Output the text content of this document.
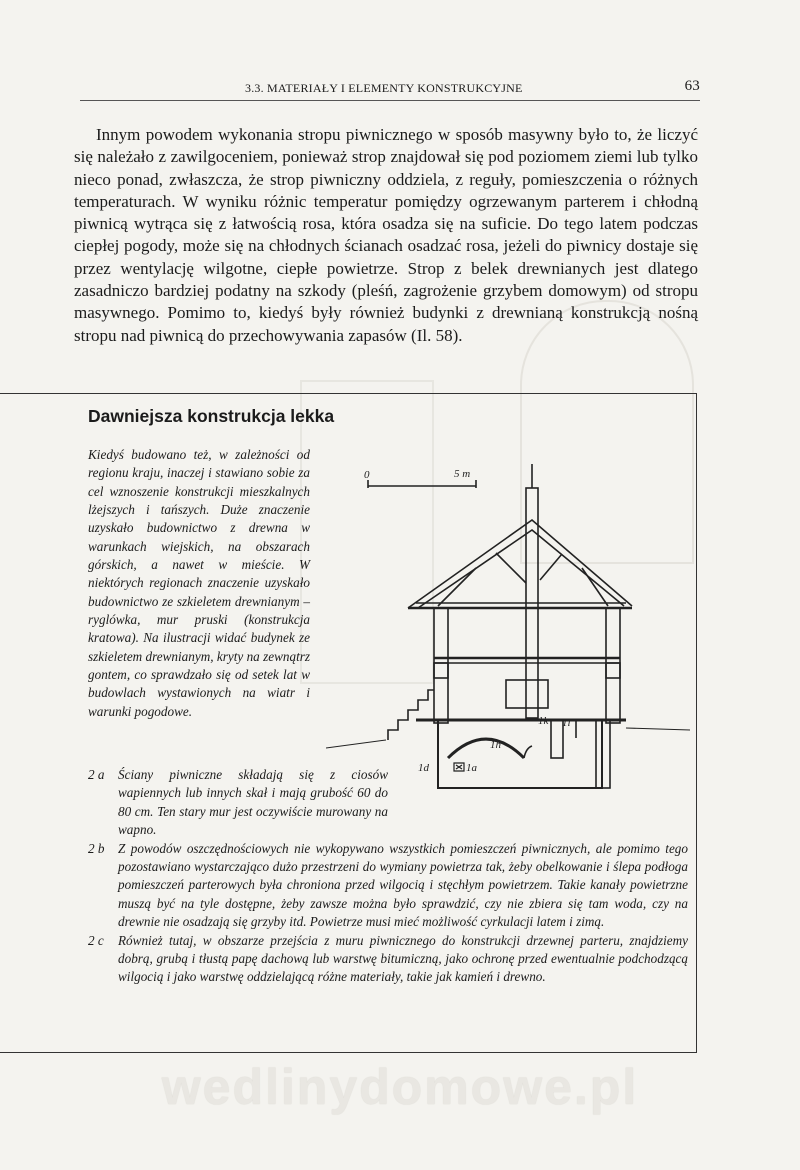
3.3. MATERIAŁY I ELEMENTY KONSTRUKCYJNE	63

Innym powodem wykonania stropu piwnicznego w sposób masywny było to, że liczyć się należało z zawilgoceniem, ponieważ strop znajdował się pod poziomem ziemi lub tylko nieco ponad, zwłaszcza, że strop piwniczny oddziela, z reguły, pomieszczenia o różnych temperaturach. W wyniku różnic temperatur pomiędzy ogrzewanym parterem i chłodną piwnicą wytrąca się z łatwością rosa, która osadza się na suficie. Do tego latem podczas ciepłej pogody, może się na chłodnych ścianach osadzać rosa, jeżeli do piwnicy dostaje się przez wentylację wilgotne, ciepłe powietrze. Strop z belek drewnianych jest dlatego zasadniczo bardziej podatny na szkody (pleśń, zagrożenie grzybem domowym) od stropu masywnego. Pomimo to, kiedyś były również budynki z drewnianą konstrukcją nośną stropu nad piwnicą do przechowywania zapasów (Il. 58).

Dawniejsza konstrukcja lekka

Kiedyś budowano też, w zależności od regionu kraju, inaczej i stawiano sobie za cel wznoszenie konstrukcji mieszkalnych lżejszych i tańszych. Duże znaczenie uzyskało budownictwo z drewna w warunkach wiejskich, na obszarach górskich, a nawet w mieście. W niektórych regionach znaczenie uzyskało budownictwo ze szkieletem drewnianym – ryglówka, mur pruski (konstrukcja kratowa). Na ilustracji widać budynek ze szkieletem drewnianym, kryty na zewnątrz gontem, co sprawdzało się od setek lat w budowlach wystawionych na wiatr i warunki pogodowe.

0	5 m
1k 1l
1h
1d	1a
2 a Ściany piwniczne składają się z ciosów wapiennych lub innych skał i mają grubość 60 do 80 cm. Ten stary mur jest oczywiście murowany na wapno.
2 b Z powodów oszczędnościowych nie wykopywano wszystkich pomieszczeń piwnicznych, ale pomimo tego pozostawiano wystarczająco dużo przestrzeni do wymiany powietrza tak, żeby obelkowanie i ślepa podłoga pomieszczeń parterowych była chroniona przed wilgocią i stęchłym powietrzem. Takie kanały powietrzne muszą być na tyle dostępne, żeby zawsze można było sprawdzić, czy nie zbiera się tam woda, czy na drewnie nie osadzają się grzyby itd. Powietrze musi mieć możliwość cyrkulacji latem i zimą.
2 c Również tutaj, w obszarze przejścia z muru piwnicznego do konstrukcji drzewnej parteru, znajdziemy dobrą, grubą i tłustą papę dachową lub warstwę bitumiczną, jako ochronę przed ewentualnie podchodzącą wilgocią i jako warstwę oddzielającą różne materiały, takie jak kamień i drewno.
wedlinydomowe.pl
